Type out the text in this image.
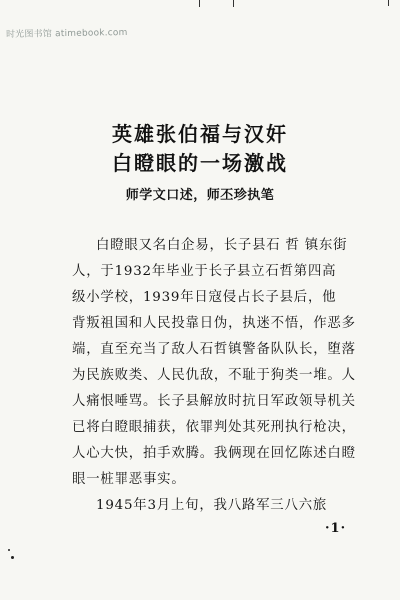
时光图书馆 atimebook.com
英雄张伯福与汉奸
白瞪眼的一场激战
师学文口述，师丕珍执笔
白瞪眼又名白企易，长子县石 哲 镇东街
人，于1932年毕业于长子县立石哲第四高
级小学校，1939年日寇侵占长子县后，他
背叛祖国和人民投靠日伪，执迷不悟，作恶多
端，直至充当了敌人石哲镇警备队队长，堕落
为民族败类、人民仇敌，不耻于狗类一堆。人
人痛恨唾骂。长子县解放时抗日军政领导机关
已将白瞪眼捕获，依罪判处其死刑执行枪决，
人心大快，拍手欢腾。我俩现在回忆陈述白瞪
眼一桩罪恶事实。
1945年3月上旬，我八路军三八六旅
·1·
